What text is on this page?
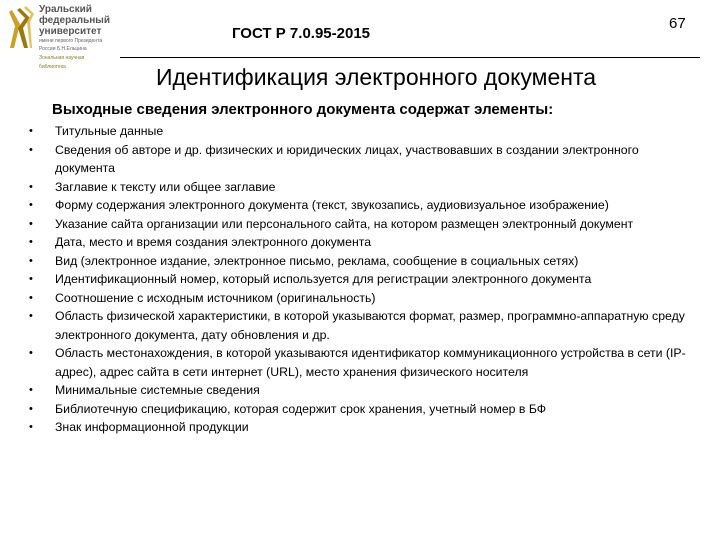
Уральский
федеральный
университет
имени первого Президента
России Б.Н.Ельцина
Зональная научная
библиотека
ГОСТ Р 7.0.95-2015
67
Идентификация электронного документа
Выходные сведения электронного документа содержат элементы:
• Титульные данные
• Сведения об авторе и др. физических и юридических лицах, участвовавших в создании электронного документа
• Заглавие к тексту или общее заглавие
• Форму содержания электронного документа (текст, звукозапись, аудиовизуальное изображение)
• Указание сайта организации или персонального сайта, на котором размещен электронный документ
• Дата, место и время создания электронного документа
• Вид (электронное издание, электронное письмо, реклама, сообщение в социальных сетях)
• Идентификационный номер, который используется для регистрации электронного документа
• Соотношение с исходным источником (оригинальность)
• Область физической характеристики, в которой указываются формат, размер, программно-аппаратную среду электронного документа, дату обновления и др.
• Область местонахождения, в которой указываются идентификатор коммуникационного устройства в сети (IP-адрес), адрес сайта в сети интернет (URL), место хранения физического носителя
• Минимальные системные сведения
• Библиотечную спецификацию, которая содержит срок хранения, учетный номер в БФ
• Знак информационной продукции
